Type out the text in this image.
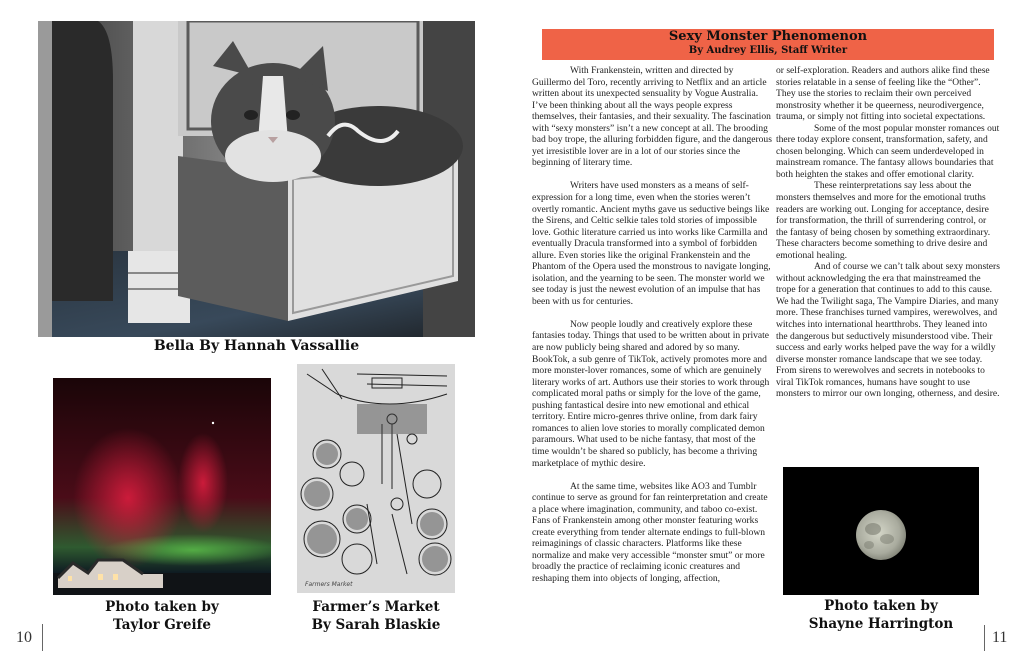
Bella By Hannah Vassallie
Photo taken by
Taylor Greife
Farmers Market
Farmer’s Market
By Sarah Blaskie
10
Sexy Monster Phenomenon
By Audrey Ellis, Staff Writer

With Frankenstein, written and directed by Guillermo del Toro, recently arriving to Netflix and an article written about its unexpected sensuality by Vogue Australia. I’ve been thinking about all the ways people express themselves, their fantasies, and their sexuality. The fascination with “sexy monsters” isn’t a new concept at all. The brooding bad boy trope, the alluring forbidden figure, and the dangerous yet irresistible lover are in a lot of our stories since the beginning of literary time.

Writers have used monsters as a means of self-expression for a long time, even when the stories weren’t overtly romantic. Ancient myths gave us seductive beings like the Sirens, and Celtic selkie tales told stories of impossible love. Gothic literature carried us into works like Carmilla and eventually Dracula transformed into a symbol of forbidden allure. Even stories like the original Frankenstein and the Phantom of the Opera used the monstrous to navigate longing, isolation, and the yearning to be seen. The monster world we see today is just the newest evolution of an impulse that has been with us for centuries.

Now people loudly and creatively explore these fantasies today. Things that used to be written about in private are now publicly being shared and adored by so many. BookTok, a sub genre of TikTok, actively promotes more and more monster-lover romances, some of which are genuinely literary works of art. Authors use their stories to work through complicated moral paths or simply for the love of the game, pushing fantastical desire into new emotional and ethical territory. Entire micro-genres thrive online, from dark fairy romances to alien love stories to morally complicated demon paramours. What used to be niche fantasy, that most of the time wouldn’t be shared so publicly, has become a thriving marketplace of mythic desire.

At the same time, websites like AO3 and Tumblr continue to serve as ground for fan reinterpretation and create a place where imagination, community, and taboo co-exist. Fans of Frankenstein among other monster featuring works create everything from tender alternate endings to full-blown reimaginings of classic characters. Platforms like these normalize and make very accessible “monster smut” or more broadly the practice of reclaiming iconic creatures and reshaping them into objects of longing, affection,

or self-exploration. Readers and authors alike find these stories relatable in a sense of feeling like the “Other”. They use the stories to reclaim their own perceived monstrosity whether it be queerness, neurodivergence, trauma, or simply not fitting into societal expectations.

Some of the most popular monster romances out there today explore consent, transformation, safety, and chosen belonging. Which can seem underdeveloped in mainstream romance. The fantasy allows boundaries that both heighten the stakes and offer emotional clarity.

These reinterpretations say less about the monsters themselves and more for the emotional truths readers are working out. Longing for acceptance, desire for transformation, the thrill of surrendering control, or the fantasy of being chosen by something extraordinary. These characters become something to drive desire and emotional healing.

And of course we can’t talk about sexy monsters without acknowledging the era that mainstreamed the trope for a generation that continues to add to this cause. We had the Twilight saga, The Vampire Diaries, and many more. These franchises turned vampires, werewolves, and witches into international heartthrobs. They leaned into the dangerous but seductively misunderstood vibe. Their success and early works helped pave the way for a wildly diverse monster romance landscape that we see today. From sirens to werewolves and secrets in notebooks to viral TikTok romances, humans have sought to use monsters to mirror our own longing, otherness, and desire.

Photo taken by
Shayne Harrington
11
